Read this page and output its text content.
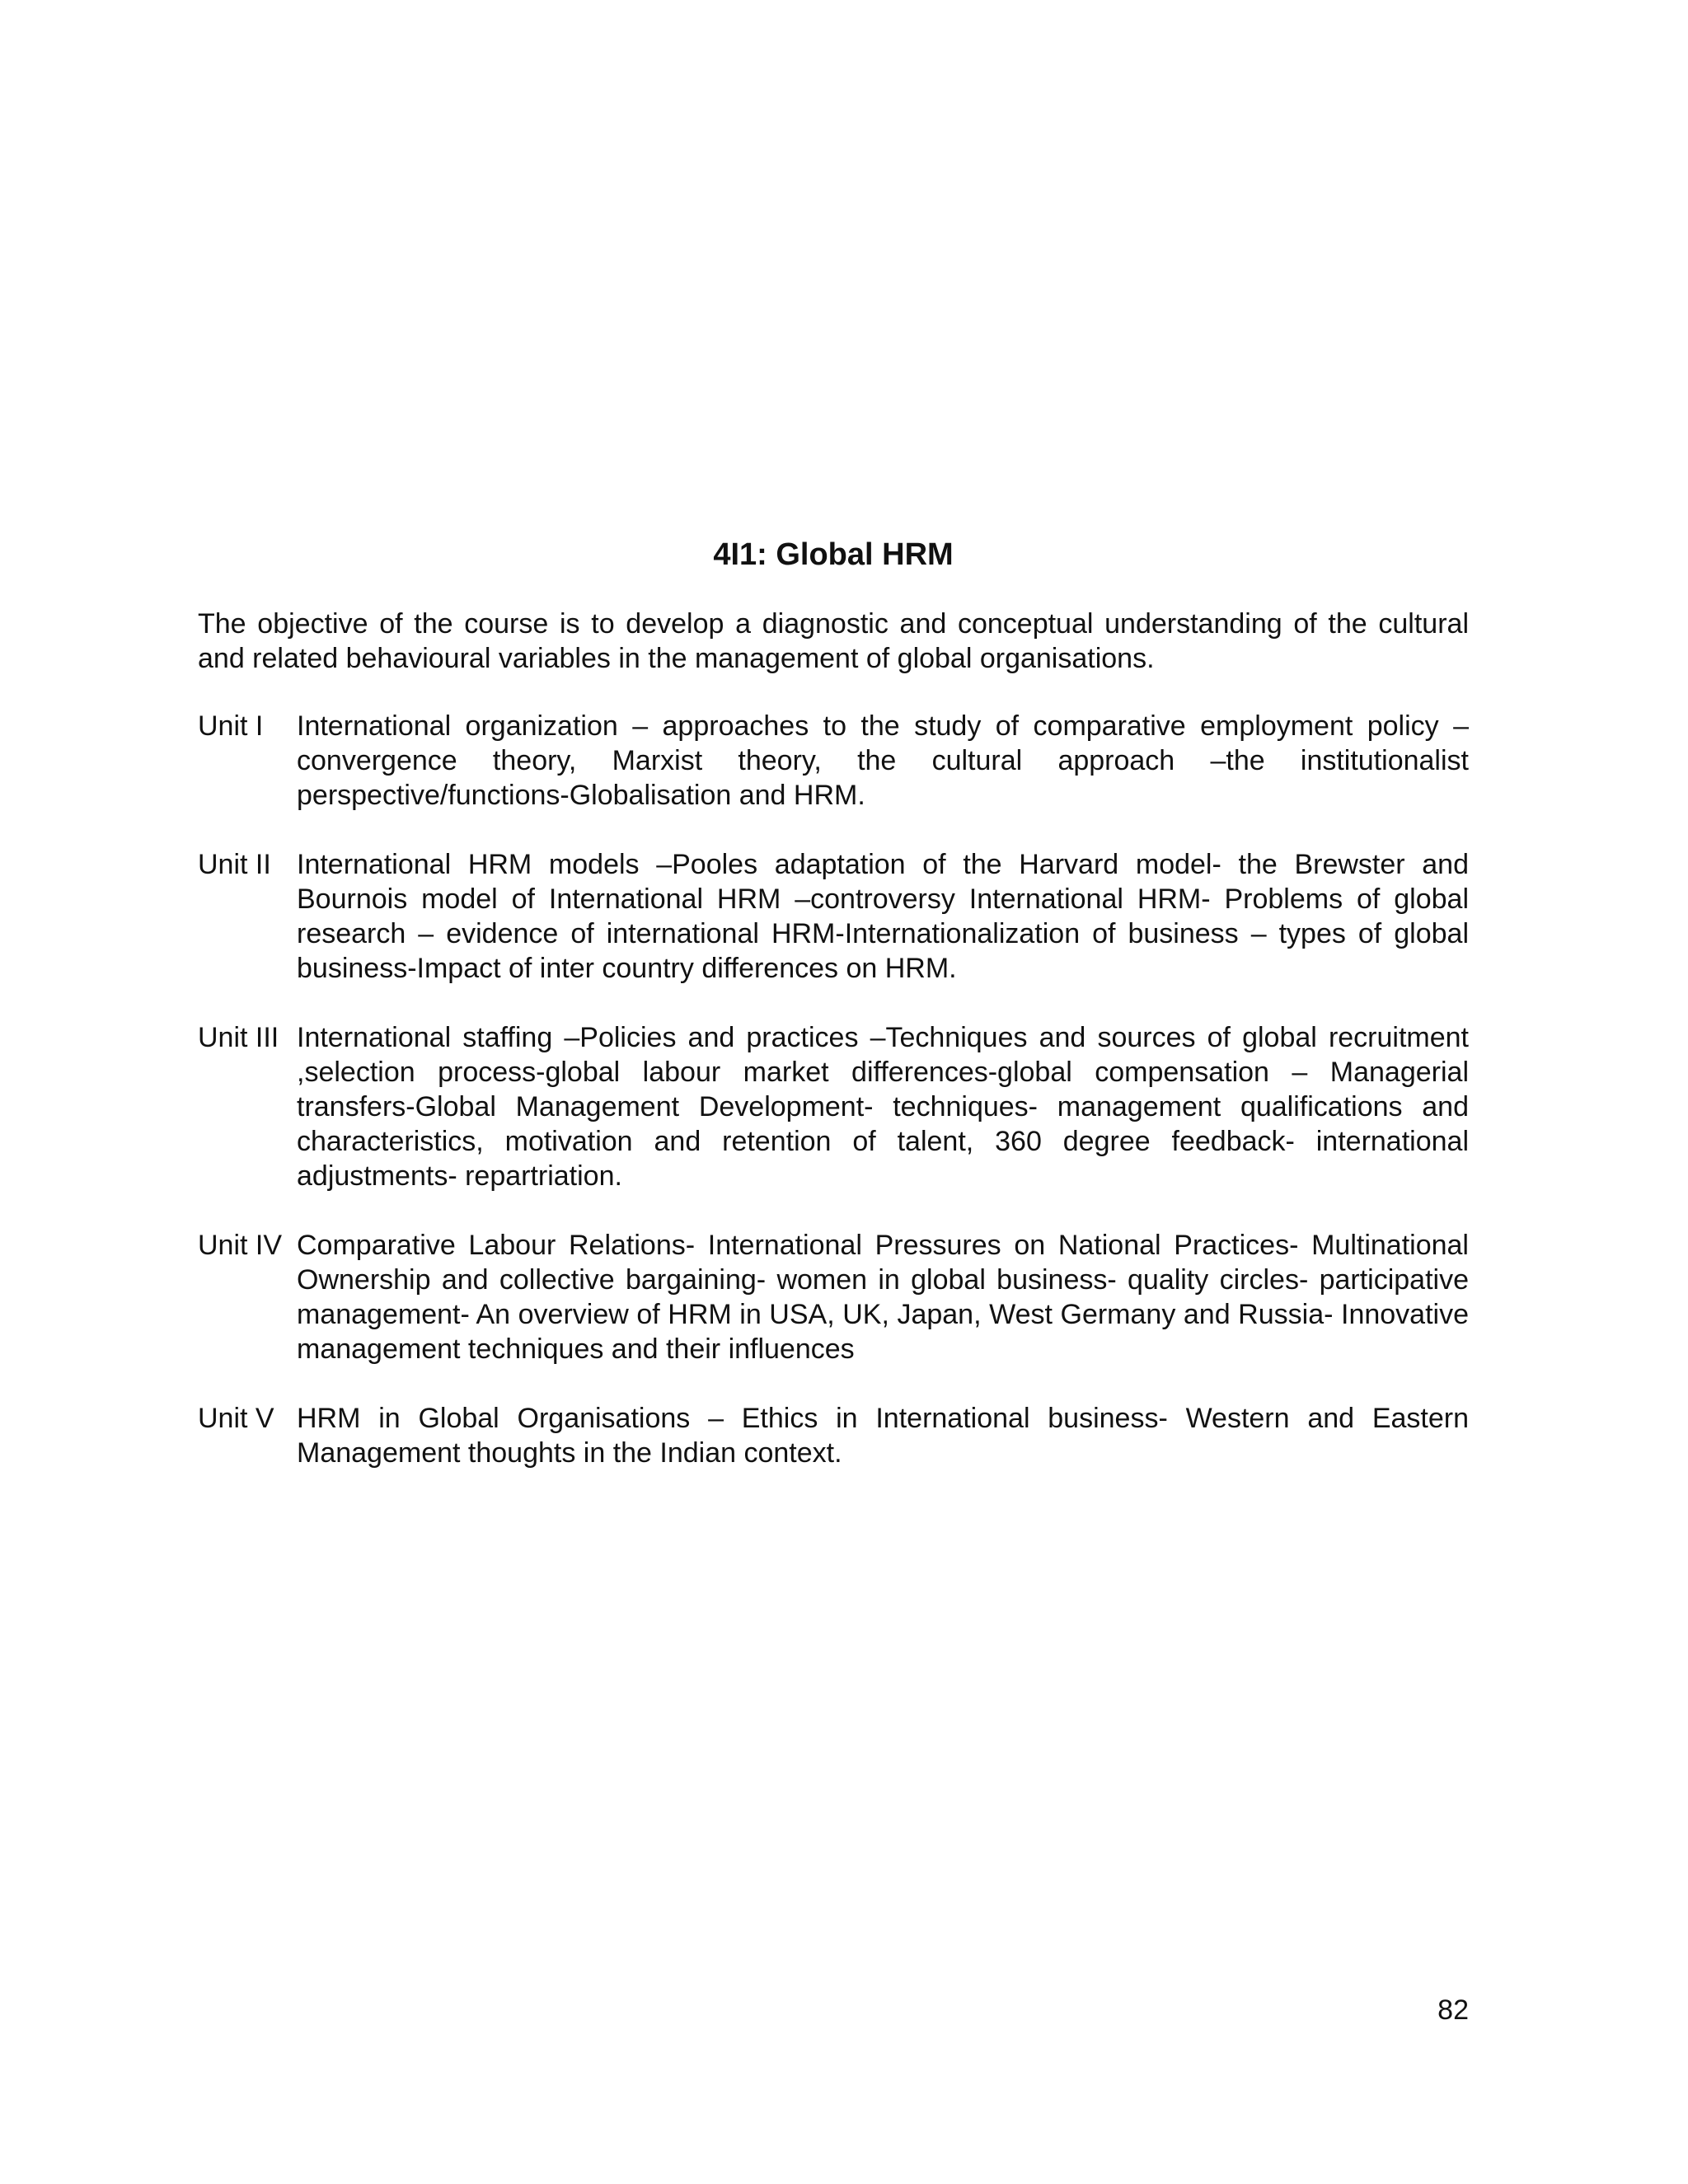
4I1: Global HRM
The objective of the course is to develop a diagnostic and conceptual understanding of the cultural and related behavioural variables in the management of global organisations.
Unit I	International organization – approaches to the study of comparative employment policy – convergence theory, Marxist theory, the cultural approach –the institutionalist perspective/functions-Globalisation and HRM.
Unit II International HRM models –Pooles adaptation of the Harvard model- the Brewster and Bournois model of International HRM –controversy International HRM- Problems of global research – evidence of international HRM-Internationalization of business – types of global business-Impact of inter country differences on HRM.
Unit III International staffing –Policies and practices –Techniques and sources of global recruitment ,selection process-global labour market differences-global compensation – Managerial transfers-Global Management Development- techniques- management qualifications and characteristics, motivation and retention of talent, 360 degree feedback- international adjustments- repartriation.
Unit IV Comparative Labour Relations- International Pressures on National Practices- Multinational Ownership and collective bargaining- women in global business- quality circles- participative management- An overview of HRM in USA, UK, Japan, West Germany and Russia- Innovative management techniques and their influences
Unit V HRM in Global Organisations – Ethics in International business- Western and Eastern Management thoughts in the Indian context.
82
